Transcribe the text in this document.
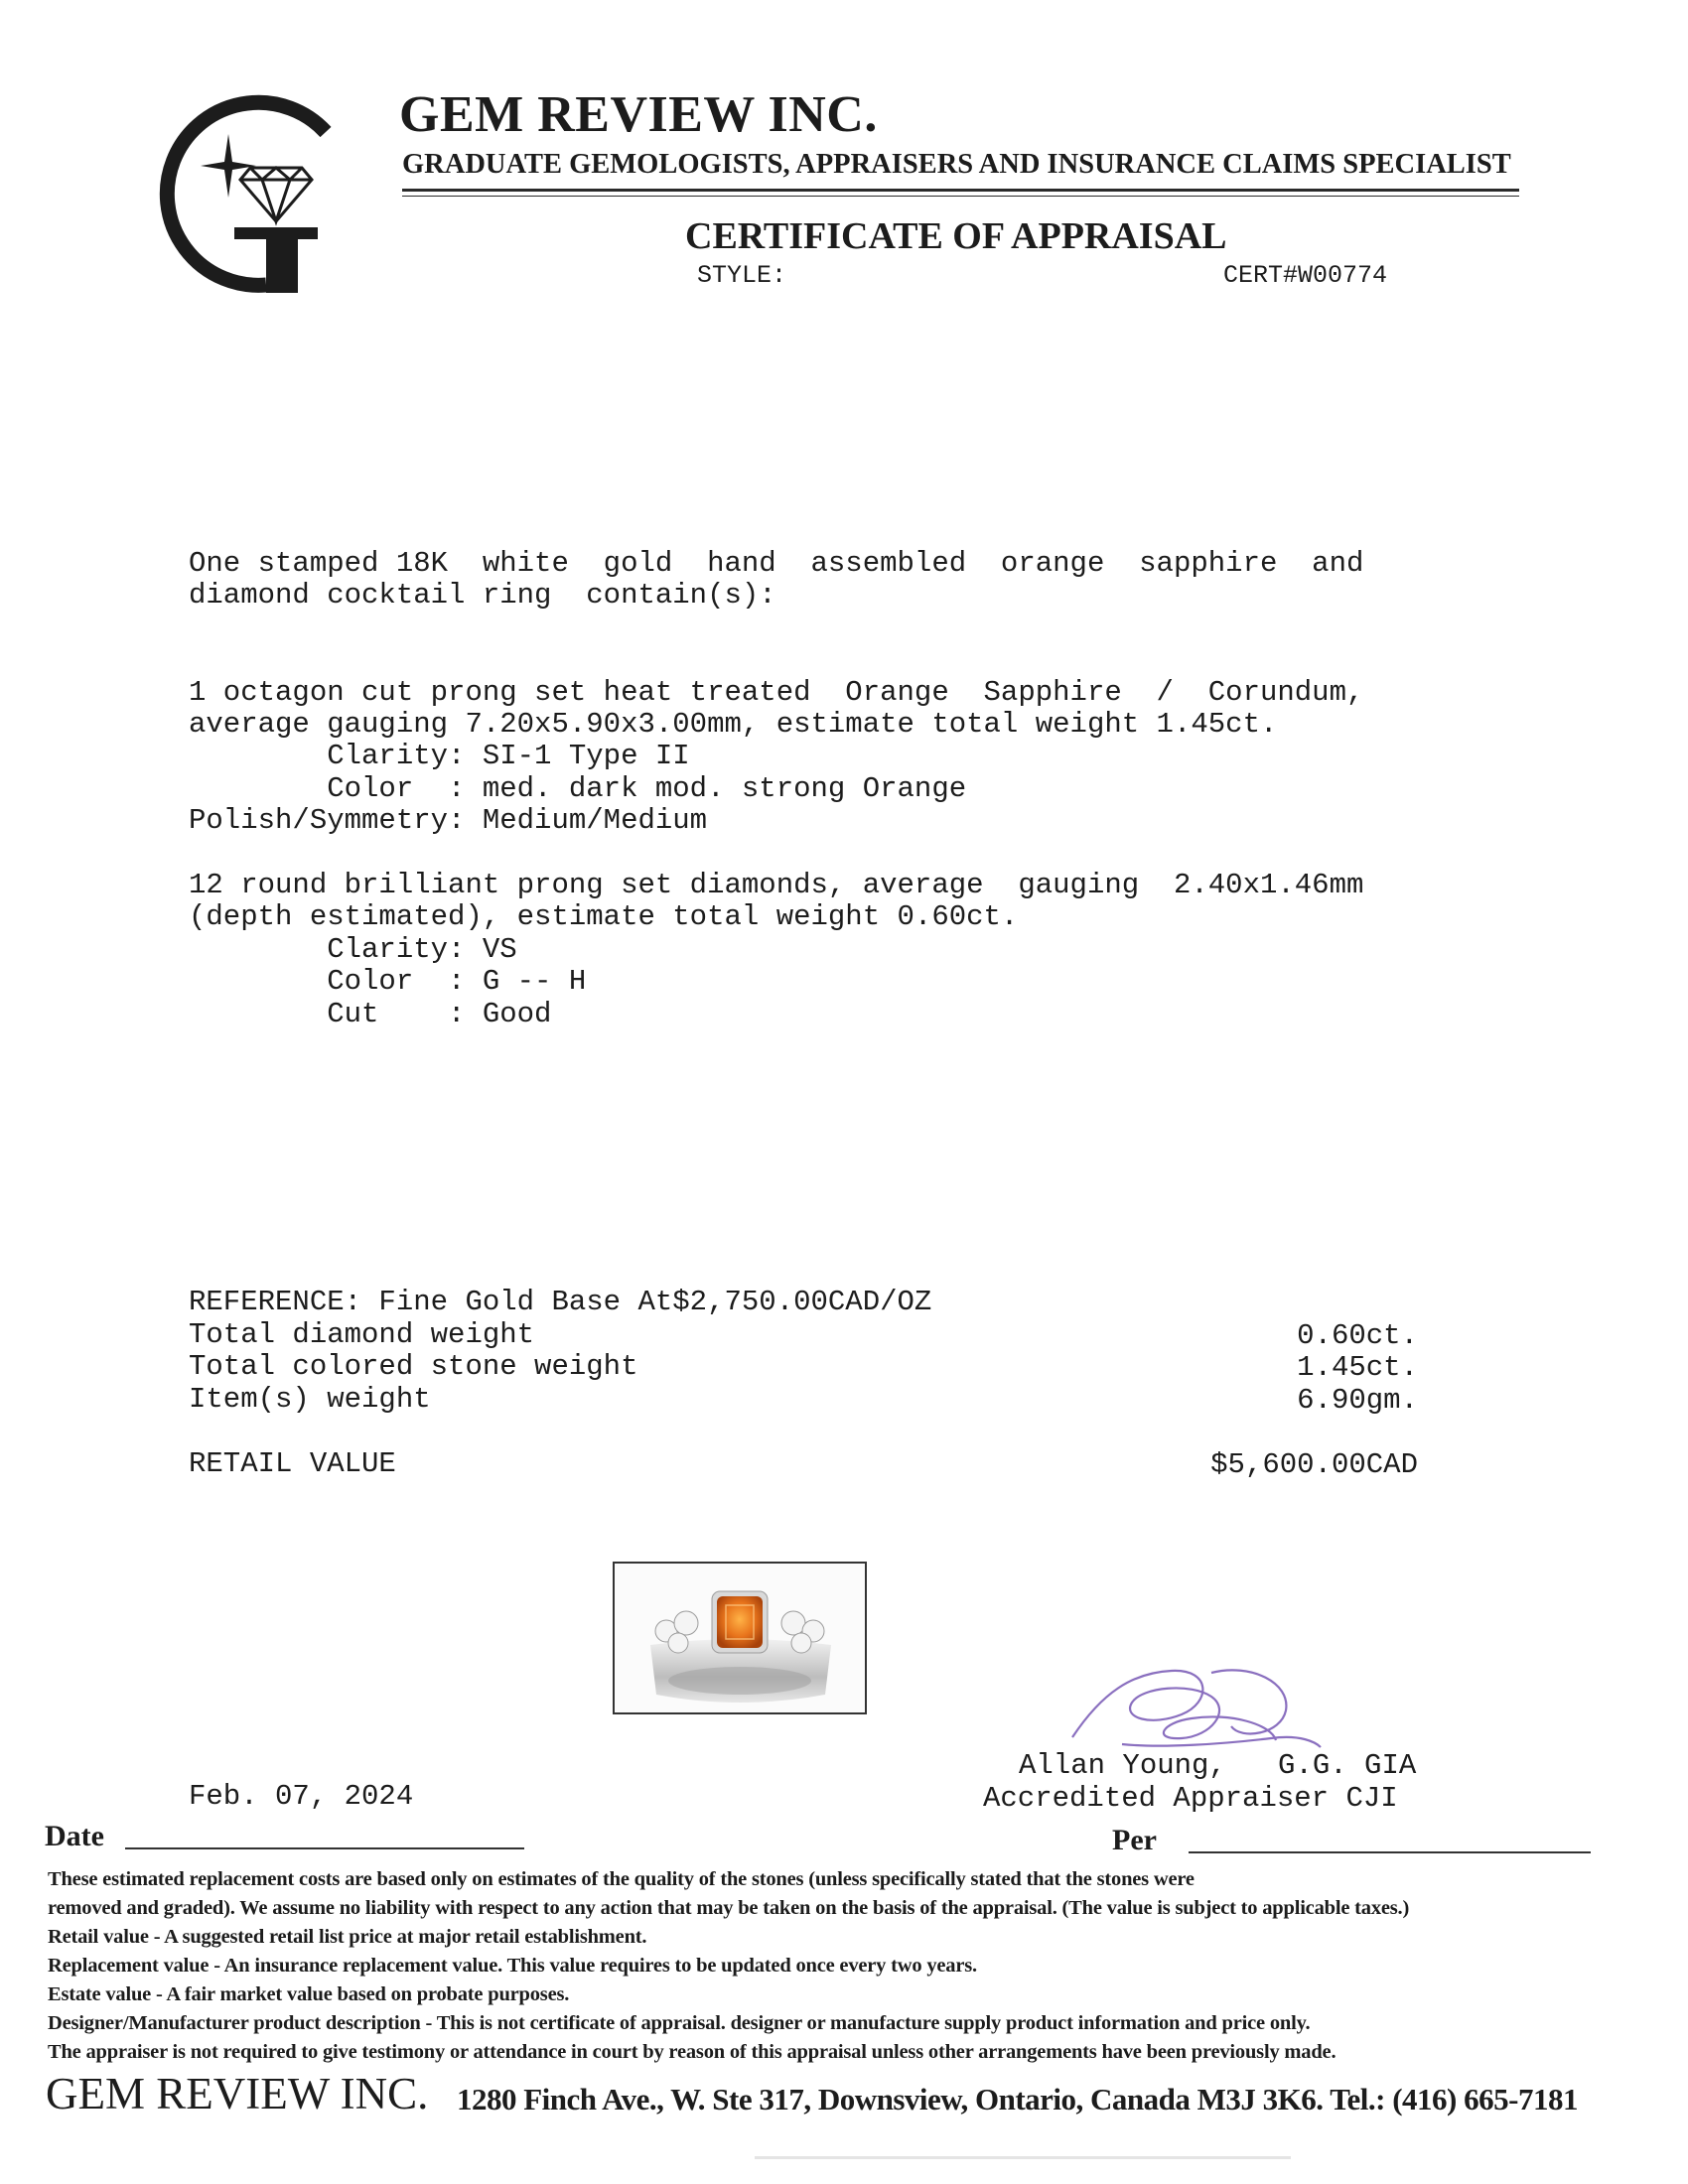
GEM REVIEW INC.
GRADUATE GEMOLOGISTS, APPRAISERS AND INSURANCE CLAIMS SPECIALIST
CERTIFICATE OF APPRAISAL
STYLE:	CERT#W00774
One stamped 18K  white  gold  hand  assembled  orange  sapphire  and
diamond cocktail ring  contain(s):
1 octagon cut prong set heat treated  Orange  Sapphire  /  Corundum,
average gauging 7.20x5.90x3.00mm, estimate total weight 1.45ct.
Clarity: SI-1 Type II
Color  : med. dark mod. strong Orange
Polish/Symmetry: Medium/Medium
12 round brilliant prong set diamonds, average  gauging  2.40x1.46mm
(depth estimated), estimate total weight 0.60ct.
Clarity: VS
Color  : G -- H
Cut    : Good
REFERENCE: Fine Gold Base At$2,750.00CAD/OZ
Total diamond weight	0.60ct.
Total colored stone weight	1.45ct.
Item(s) weight	6.90gm.
RETAIL VALUE	$5,600.00CAD
Allan Young,   G.G. GIA
Accredited Appraiser CJI
Feb. 07, 2024
Date	Per
These estimated replacement costs are based only on estimates of the quality of the stones (unless specifically stated that the stones were
removed and graded). We assume no liability with respect to any action that may be taken on the basis of the appraisal. (The value is subject to applicable taxes.)
Retail value - A suggested retail list price at major retail establishment.
Replacement value - An insurance replacement value. This value requires to be updated once every two years.
Estate value - A fair market value based on probate purposes.
Designer/Manufacturer product description - This is not certificate of appraisal. designer or manufacture supply product information and price only.
The appraiser is not required to give testimony or attendance in court by reason of this appraisal unless other arrangements have been previously made.
GEM REVIEW INC. 1280 Finch Ave., W. Ste 317, Downsview, Ontario, Canada M3J 3K6. Tel.: (416) 665-7181
